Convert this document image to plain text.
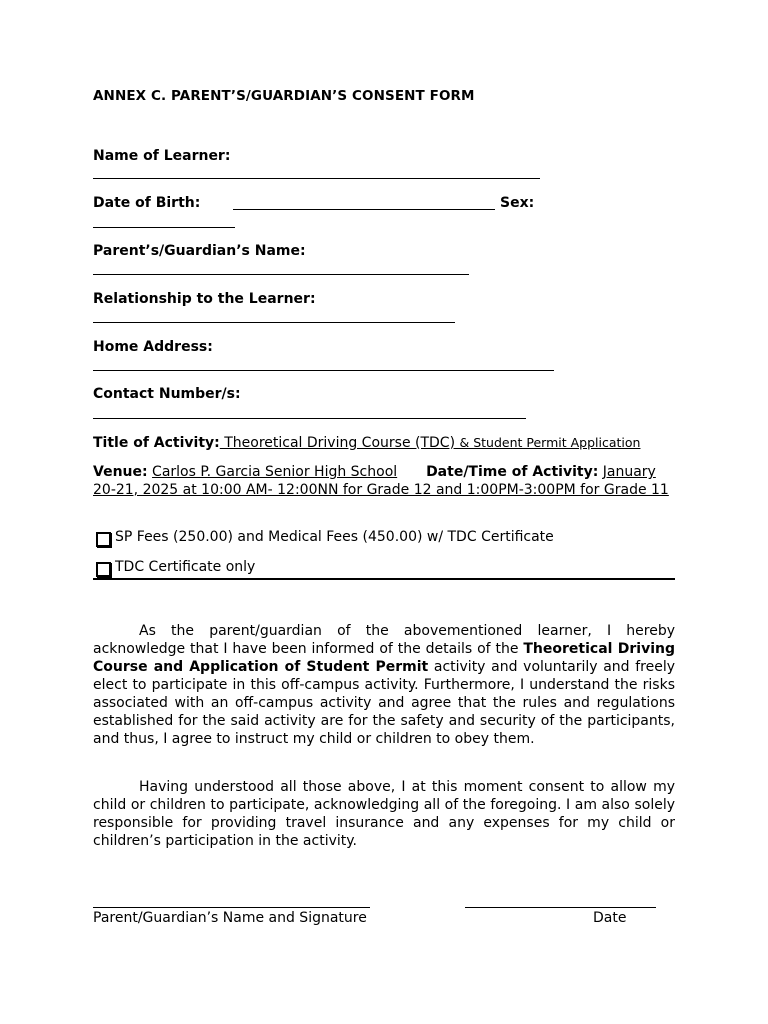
ANNEX C. PARENT’S/GUARDIAN’S CONSENT FORM
Name of Learner:
Date of Birth:	Sex:
Parent’s/Guardian’s Name:
Relationship to the Learner:
Home Address:
Contact Number/s:
Title of Activity: Theoretical Driving Course (TDC) & Student Permit Application
Venue: Carlos P. Garcia Senior High School Date/Time of Activity: January 20-21, 2025 at 10:00 AM- 12:00NN for Grade 12 and 1:00PM-3:00PM for Grade 11
SP Fees (250.00) and Medical Fees (450.00) w/ TDC Certificate
TDC Certificate only

As the parent/guardian of the abovementioned learner, I hereby acknowledge that I have been informed of the details of the Theoretical Driving Course and Application of Student Permit activity and voluntarily and freely elect to participate in this off-campus activity. Furthermore, I understand the risks associated with an off-campus activity and agree that the rules and regulations established for the said activity are for the safety and security of the participants, and thus, I agree to instruct my child or children to obey them.

Having understood all those above, I at this moment consent to allow my child or children to participate, acknowledging all of the foregoing. I am also solely responsible for providing travel insurance and any expenses for my child or children’s participation in the activity.

Parent/Guardian’s Name and Signature	Date
